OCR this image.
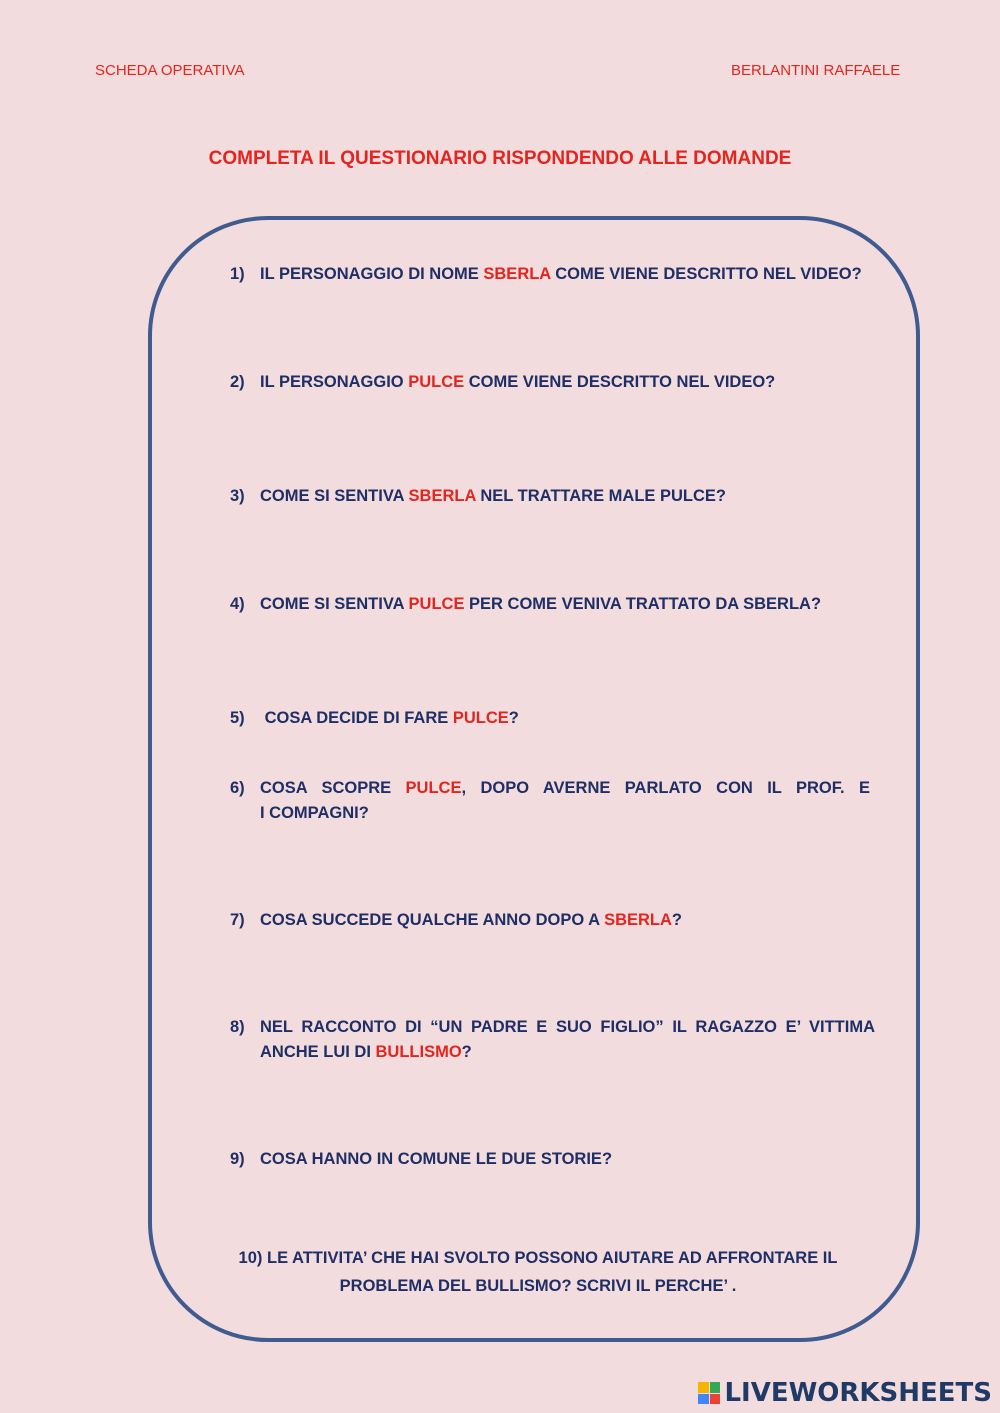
SCHEDA OPERATIVA	BERLANTINI RAFFAELE
COMPLETA IL QUESTIONARIO RISPONDENDO ALLE DOMANDE
1) IL PERSONAGGIO DI NOME SBERLA COME VIENE DESCRITTO NEL VIDEO?
2) IL PERSONAGGIO PULCE COME VIENE DESCRITTO NEL VIDEO?
3) COME SI SENTIVA SBERLA NEL TRATTARE MALE PULCE?
4) COME SI SENTIVA PULCE PER COME VENIVA TRATTATO DA SBERLA?
5) COSA DECIDE DI FARE PULCE?
6) COSA SCOPRE PULCE, DOPO AVERNE PARLATO CON IL PROF. E
I COMPAGNI?
7) COSA SUCCEDE QUALCHE ANNO DOPO A SBERLA?
8) NEL RACCONTO DI “UN PADRE E SUO FIGLIO” IL RAGAZZO E’ VITTIMA
ANCHE LUI DI BULLISMO?
9) COSA HANNO IN COMUNE LE DUE STORIE?
10) LE ATTIVITA’ CHE HAI SVOLTO POSSONO AIUTARE AD AFFRONTARE IL
PROBLEMA DEL BULLISMO? SCRIVI IL PERCHE’ .
LIVEWORKSHEETS
